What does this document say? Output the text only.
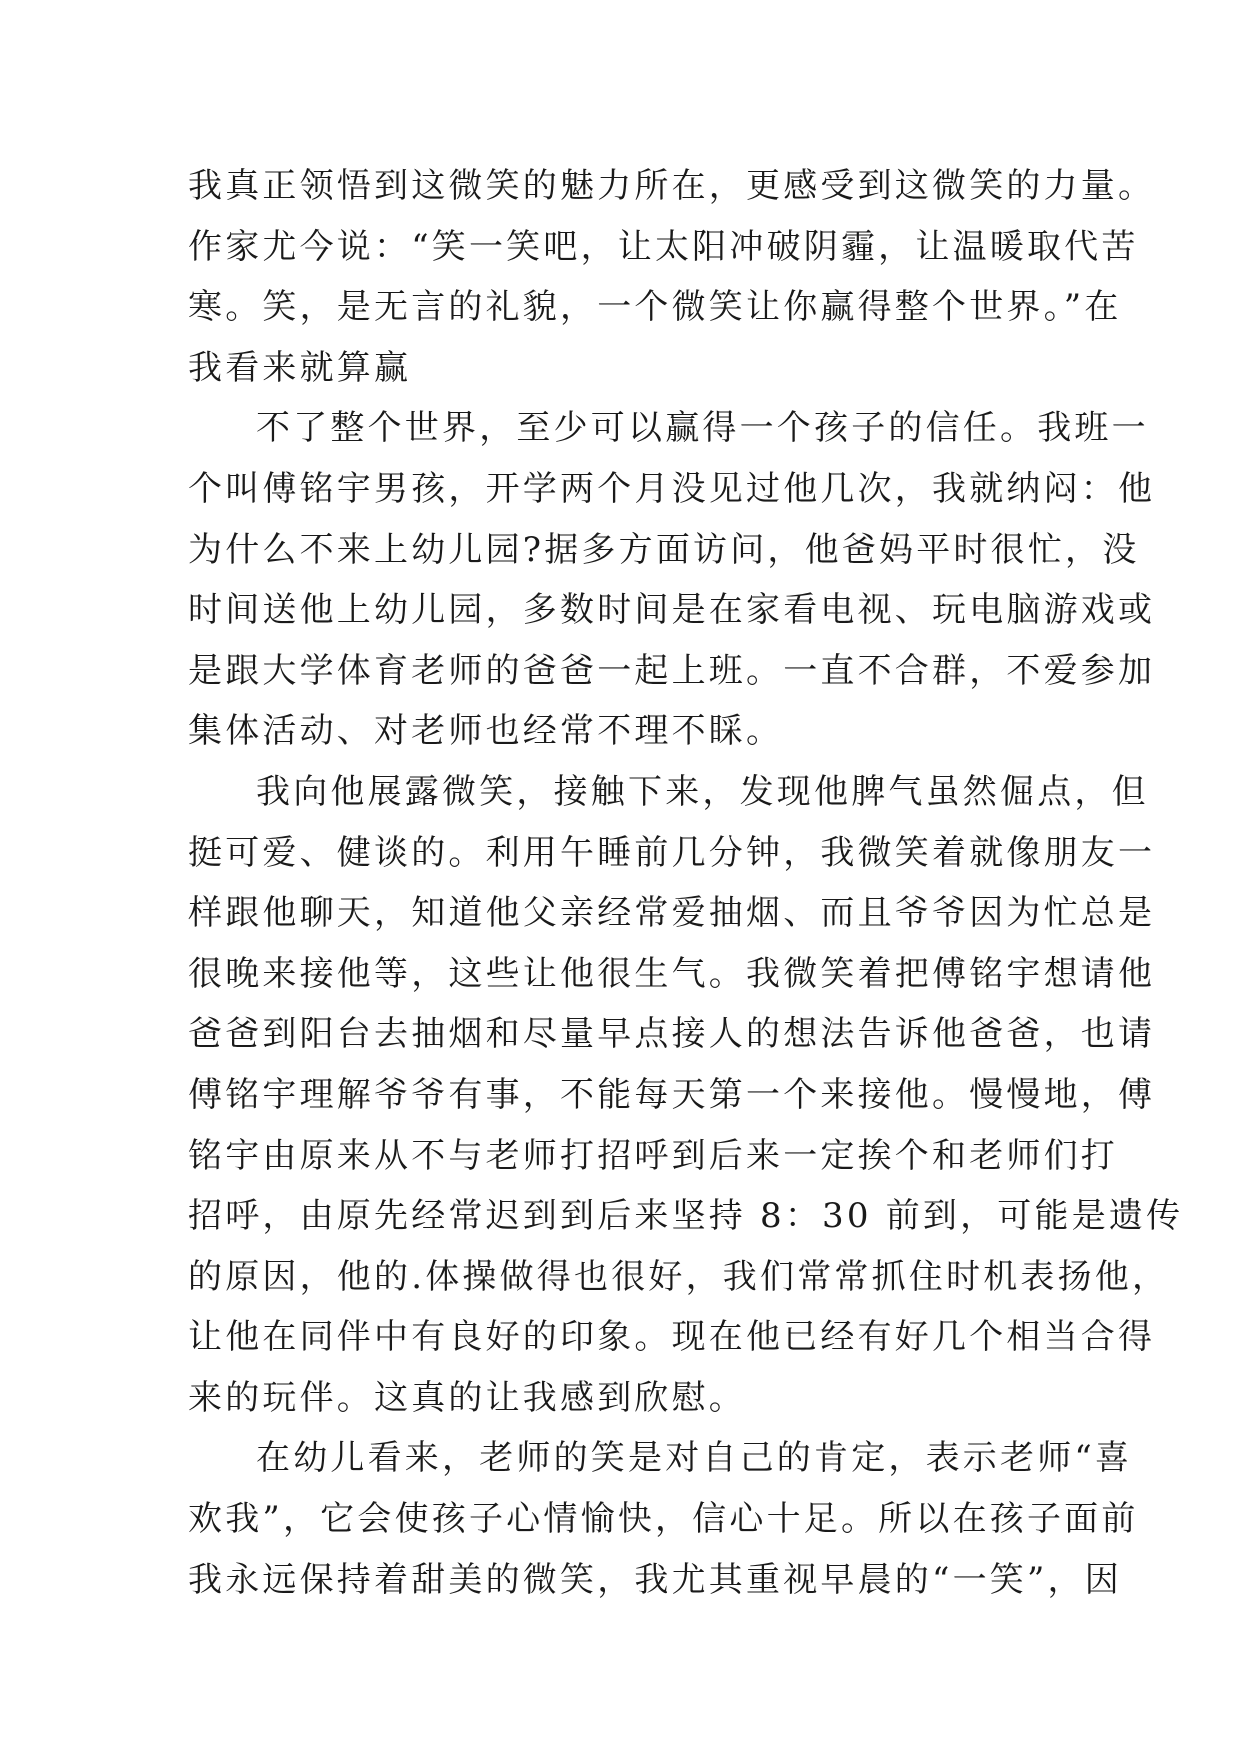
我真正领悟到这微笑的魅力所在，更感受到这微笑的力量。
作家尤今说：“笑一笑吧，让太阳冲破阴霾，让温暖取代苦
寒。笑，是无言的礼貌，一个微笑让你赢得整个世界。”在
我看来就算赢
不了整个世界，至少可以赢得一个孩子的信任。我班一
个叫傅铭宇男孩，开学两个月没见过他几次，我就纳闷：他
为什么不来上幼儿园?据多方面访问，他爸妈平时很忙，没
时间送他上幼儿园，多数时间是在家看电视、玩电脑游戏或
是跟大学体育老师的爸爸一起上班。一直不合群，不爱参加
集体活动、对老师也经常不理不睬。
我向他展露微笑，接触下来，发现他脾气虽然倔点，但
挺可爱、健谈的。利用午睡前几分钟，我微笑着就像朋友一
样跟他聊天，知道他父亲经常爱抽烟、而且爷爷因为忙总是
很晚来接他等，这些让他很生气。我微笑着把傅铭宇想请他
爸爸到阳台去抽烟和尽量早点接人的想法告诉他爸爸，也请
傅铭宇理解爷爷有事，不能每天第一个来接他。慢慢地，傅
铭宇由原来从不与老师打招呼到后来一定挨个和老师们打
招呼，由原先经常迟到到后来坚持 8：30 前到，可能是遗传
的原因，他的.体操做得也很好，我们常常抓住时机表扬他，
让他在同伴中有良好的印象。现在他已经有好几个相当合得
来的玩伴。这真的让我感到欣慰。
在幼儿看来，老师的笑是对自己的肯定，表示老师“喜
欢我”，它会使孩子心情愉快，信心十足。所以在孩子面前
我永远保持着甜美的微笑，我尤其重视早晨的“一笑”，因
